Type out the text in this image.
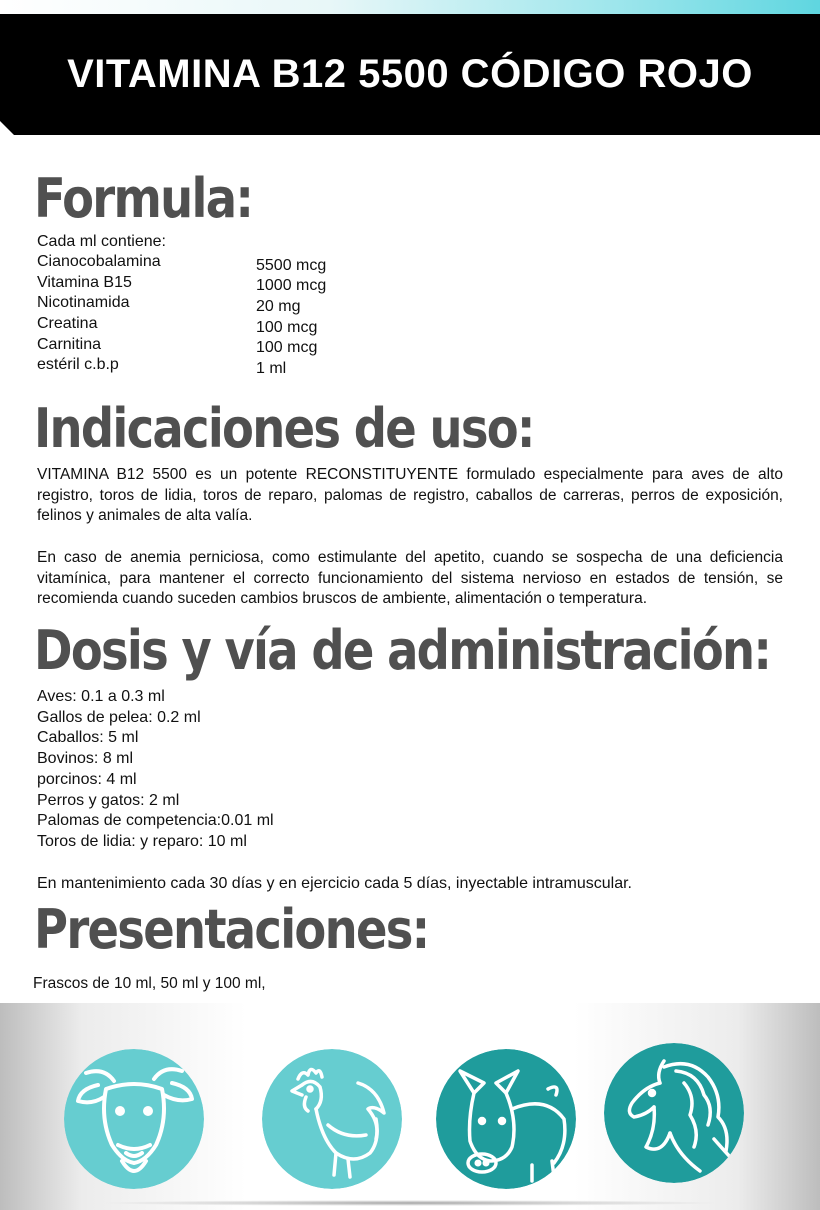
VITAMINA B12 5500 CÓDIGO ROJO
Formula:
Cada ml contiene:
Cianocobalamina
Vitamina B15
Nicotinamida
Creatina
Carnitina
estéril c.b.p
5500 mcg
1000 mcg
20 mg
100 mcg
100 mcg
1 ml
Indicaciones de uso:
VITAMINA B12 5500 es un potente RECONSTITUYENTE formulado especialmente para aves de alto registro, toros de lidia, toros de reparo, palomas de registro, caballos de carreras, perros de exposición, felinos y animales de alta valía.
En caso de anemia perniciosa, como estimulante del apetito, cuando se sospecha de una deficiencia vitamínica, para mantener el correcto funcionamiento del sistema nervioso en estados de tensión, se recomienda cuando suceden cambios bruscos de ambiente, alimentación o temperatura.
Dosis y vía de administración:
Aves: 0.1 a 0.3 ml
Gallos de pelea: 0.2 ml
Caballos: 5 ml
Bovinos: 8 ml
porcinos: 4 ml
Perros y gatos: 2 ml
Palomas de competencia:0.01 ml
Toros de lidia: y reparo: 10 ml
En mantenimiento cada 30 días y en ejercicio cada 5 días, inyectable intramuscular.
Presentaciones:
Frascos de 10 ml, 50 ml y 100 ml,
